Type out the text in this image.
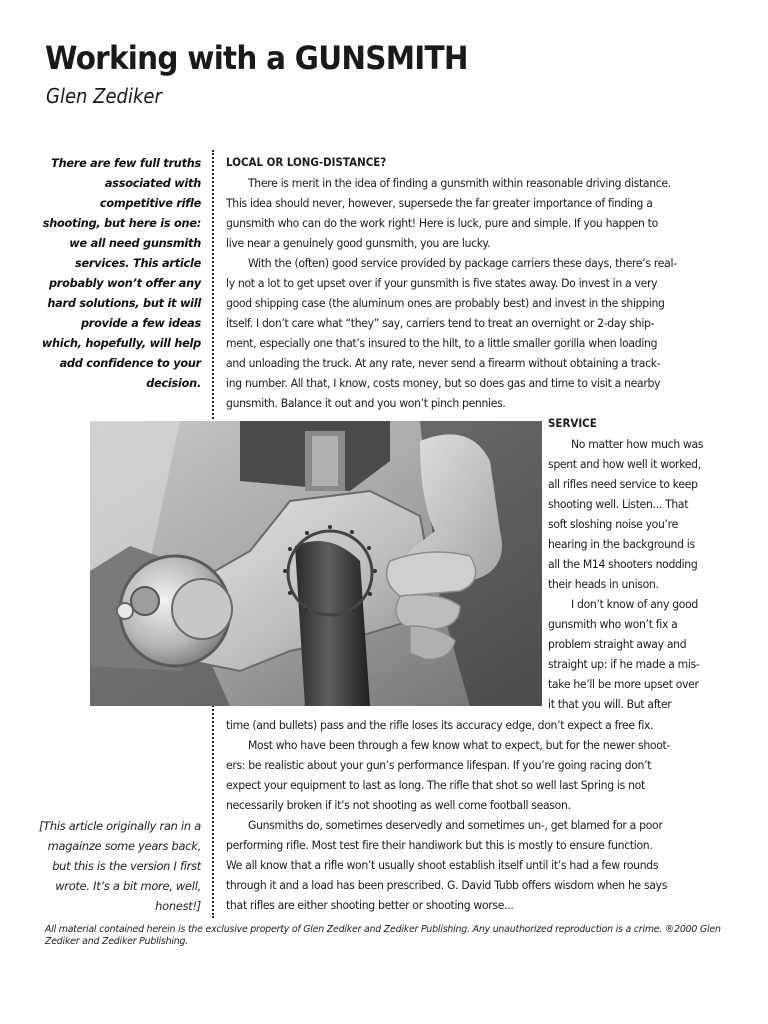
Working with a GUNSMITH
Glen Zediker

There are few full truths associated with competitive rifle shooting, but here is one: we all need gunsmith services. This article probably won’t offer any hard solutions, but it will provide a few ideas which, hopefully, will help add confidence to your decision.

[This article originally ran in a magainze some years back, but this is the version I first wrote. It’s a bit more, well, honest!]

LOCAL OR LONG-DISTANCE?
There is merit in the idea of finding a gunsmith within reasonable driving distance.
This idea should never, however, supersede the far greater importance of finding a
gunsmith who can do the work right! Here is luck, pure and simple. If you happen to
live near a genuinely good gunsmith, you are lucky.
With the (often) good service provided by package carriers these days, there’s real-
ly not a lot to get upset over if your gunsmith is five states away. Do invest in a very
good shipping case (the aluminum ones are probably best) and invest in the shipping
itself. I don’t care what “they” say, carriers tend to treat an overnight or 2-day ship-
ment, especially one that’s insured to the hilt, to a little smaller gorilla when loading
and unloading the truck. At any rate, never send a firearm without obtaining a track-
ing number. All that, I know, costs money, but so does gas and time to visit a nearby
gunsmith. Balance it out and you won’t pinch pennies.
SERVICE
No matter how much was
spent and how well it worked,
all rifles need service to keep
shooting well. Listen... That
soft sloshing noise you’re
hearing in the background is
all the M14 shooters nodding
their heads in unison.
I don’t know of any good
gunsmith who won’t fix a
problem straight away and
straight up: if he made a mis-
take he’ll be more upset over
it that you will. But after
time (and bullets) pass and the rifle loses its accuracy edge, don’t expect a free fix.
Most who have been through a few know what to expect, but for the newer shoot-
ers: be realistic about your gun’s performance lifespan. If you’re going racing don’t
expect your equipment to last as long. The rifle that shot so well last Spring is not
necessarily broken if it’s not shooting as well come football season.
Gunsmiths do, sometimes deservedly and sometimes un-, get blamed for a poor
performing rifle. Most test fire their handiwork but this is mostly to ensure function.
We all know that a rifle won’t usually shoot establish itself until it’s had a few rounds
through it and a load has been prescribed. G. David Tubb offers wisdom when he says
that rifles are either shooting better or shooting worse...

All material contained herein is the exclusive property of Glen Zediker and Zediker Publishing. Any unauthorized reproduction is a crime. ®2000 Glen Zediker and Zediker Publishing.
